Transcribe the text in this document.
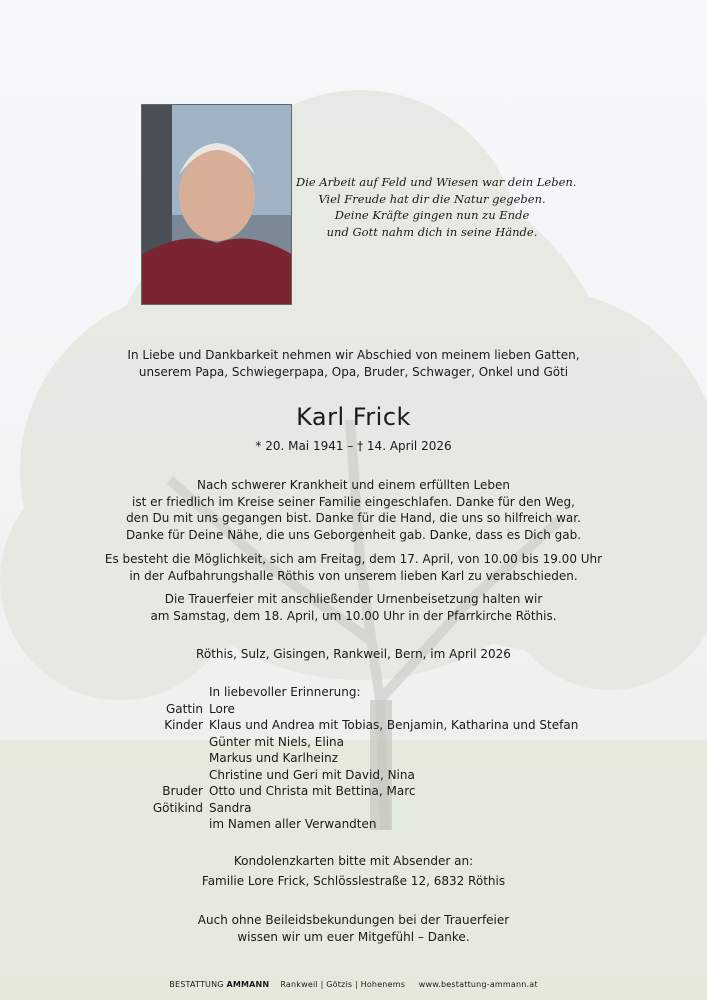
Die Arbeit auf Feld und Wiesen war dein Leben.
Viel Freude hat dir die Natur gegeben.
Deine Kräfte gingen nun zu Ende
und Gott nahm dich in seine Hände.

In Liebe und Dankbarkeit nehmen wir Abschied von meinem lieben Gatten,
unserem Papa, Schwiegerpapa, Opa, Bruder, Schwager, Onkel und Göti
Karl Frick
* 20. Mai 1941 – † 14. April 2026
Nach schwerer Krankheit und einem erfüllten Leben
ist er friedlich im Kreise seiner Familie eingeschlafen. Danke für den Weg,
den Du mit uns gegangen bist. Danke für die Hand, die uns so hilfreich war.
Danke für Deine Nähe, die uns Geborgenheit gab. Danke, dass es Dich gab.
Es besteht die Möglichkeit, sich am Freitag, dem 17. April, von 10.00 bis 19.00 Uhr
in der Aufbahrungshalle Röthis von unserem lieben Karl zu verabschieden.
Die Trauerfeier mit anschließender Urnenbeisetzung halten wir
am Samstag, dem 18. April, um 10.00 Uhr in der Pfarrkirche Röthis.
Röthis, Sulz, Gisingen, Rankweil, Bern, im April 2026
In liebevoller Erinnerung:
Gattin Lore
Kinder Klaus und Andrea mit Tobias, Benjamin, Katharina und Stefan
Günter mit Niels, Elina
Markus und Karlheinz
Christine und Geri mit David, Nina
Bruder Otto und Christa mit Bettina, Marc
Götikind Sandra
im Namen aller Verwandten
Kondolenzkarten bitte mit Absender an:
Familie Lore Frick, Schlösslestraße 12, 6832 Röthis
Auch ohne Beileidsbekundungen bei der Trauerfeier
wissen wir um euer Mitgefühl – Danke.
BESTATTUNG AMMANN Rankweil | Götzis | Hohenems www.bestattung-ammann.at
